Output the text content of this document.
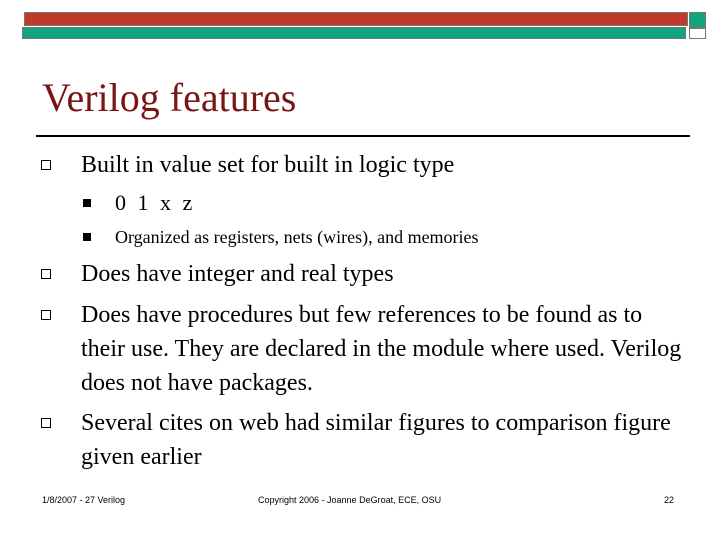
Verilog features
Built in value set for built in logic type
0 1 x z
Organized as registers, nets (wires), and memories
Does have integer and real types
Does have procedures but few references to be found as to their use. They are declared in the module where used. Verilog does not have packages.
Several cites on web had similar figures to comparison figure given earlier
1/8/2007 - 27 Verilog	Copyright 2006 - Joanne DeGroat, ECE, OSU	22
